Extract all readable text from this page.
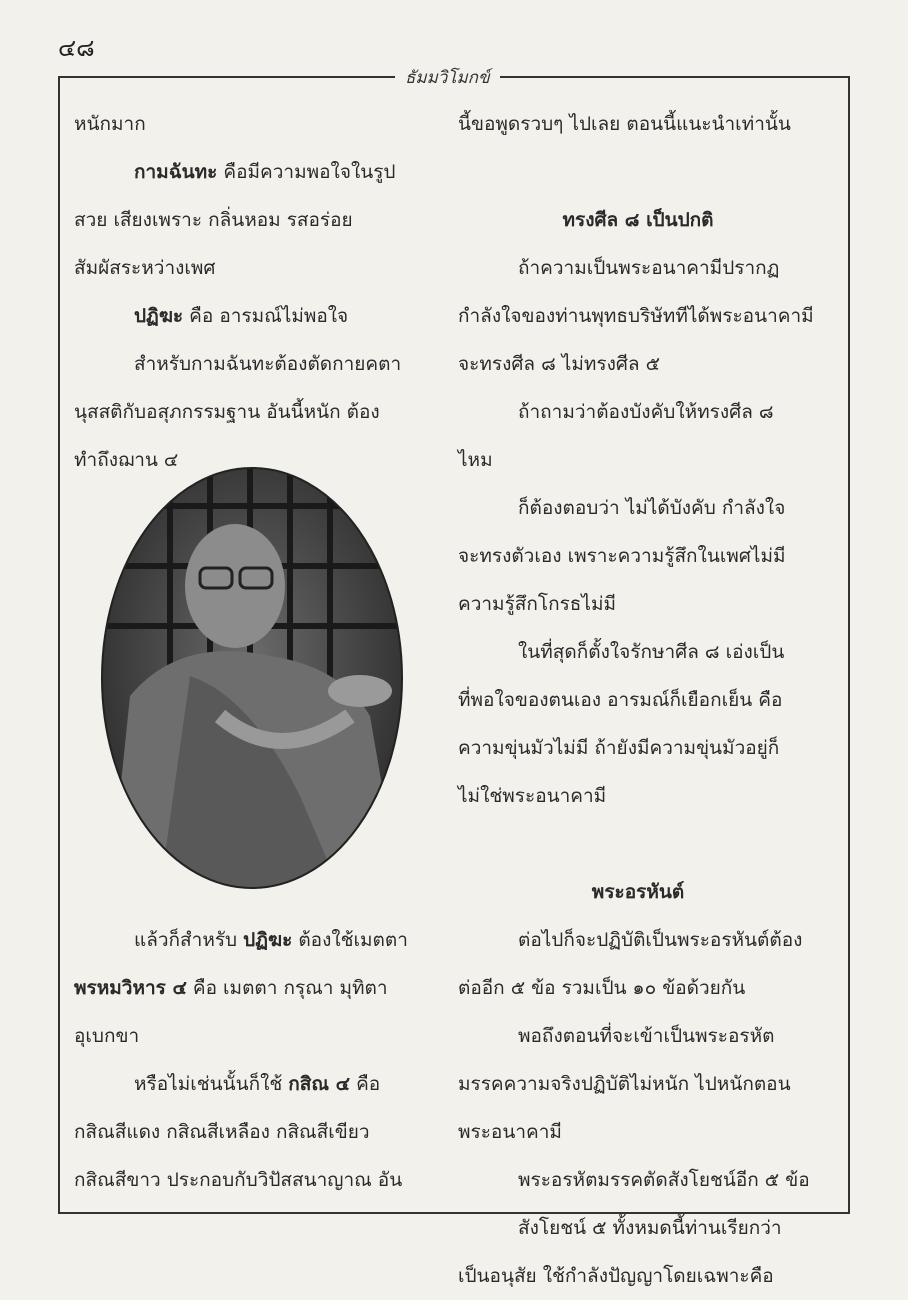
๔๘
ธัมมวิโมกข์

หนักมาก

กามฉันทะ คือมีความพอใจในรูป

สวย เสียงเพราะ กลิ่นหอม รสอร่อย

สัมผัสระหว่างเพศ

ปฏิฆะ คือ อารมณ์ไม่พอใจ

สำหรับกามฉันทะต้องตัดกายคตา

นุสสติกับอสุภกรรมฐาน อันนี้หนัก ต้อง

ทำถึงฌาน ๔

แล้วก็สำหรับ ปฏิฆะ ต้องใช้เมตตา

พรหมวิหาร ๔ คือ เมตตา กรุณา มุทิตา

อุเบกขา

หรือไม่เช่นนั้นก็ใช้ กสิณ ๔ คือ

กสิณสีแดง กสิณสีเหลือง กสิณสีเขียว

กสิณสีขาว ประกอบกับวิปัสสนาญาณ อัน

นี้ขอพูดรวบๆ ไปเลย ตอนนี้แนะนำเท่านั้น

ทรงศีล ๘ เป็นปกติ

ถ้าความเป็นพระอนาคามีปรากฏ

กำลังใจของท่านพุทธบริษัททีได้พระอนาคามี

จะทรงศีล ๘ ไม่ทรงศีล ๕

ถ้าถามว่าต้องบังคับให้ทรงศีล ๘

ไหม

ก็ต้องตอบว่า ไม่ได้บังคับ กำลังใจ

จะทรงตัวเอง เพราะความรู้สึกในเพศไม่มี

ความรู้สึกโกรธไม่มี

ในที่สุดก็ตั้งใจรักษาศีล ๘ เอ่งเป็น

ที่พอใจของตนเอง อารมณ์ก็เยือกเย็น คือ

ความขุ่นมัวไม่มี ถ้ายังมีความขุ่นมัวอยู่ก็

ไม่ใช่พระอนาคามี

พระอรหันต์

ต่อไปก็จะปฏิบัติเป็นพระอรหันต์ต้อง

ต่ออีก ๕ ข้อ รวมเป็น ๑๐ ข้อด้วยกัน

พอถึงตอนที่จะเข้าเป็นพระอรหัต

มรรคความจริงปฏิบัติไม่หนัก ไปหนักตอน

พระอนาคามี

พระอรหัตมรรคตัดสังโยชน์อีก ๕ ข้อ

สังโยชน์ ๕ ทั้งหมดนี้ท่านเรียกว่า

เป็นอนุสัย ใช้กำลังปัญญาโดยเฉพาะคือ
